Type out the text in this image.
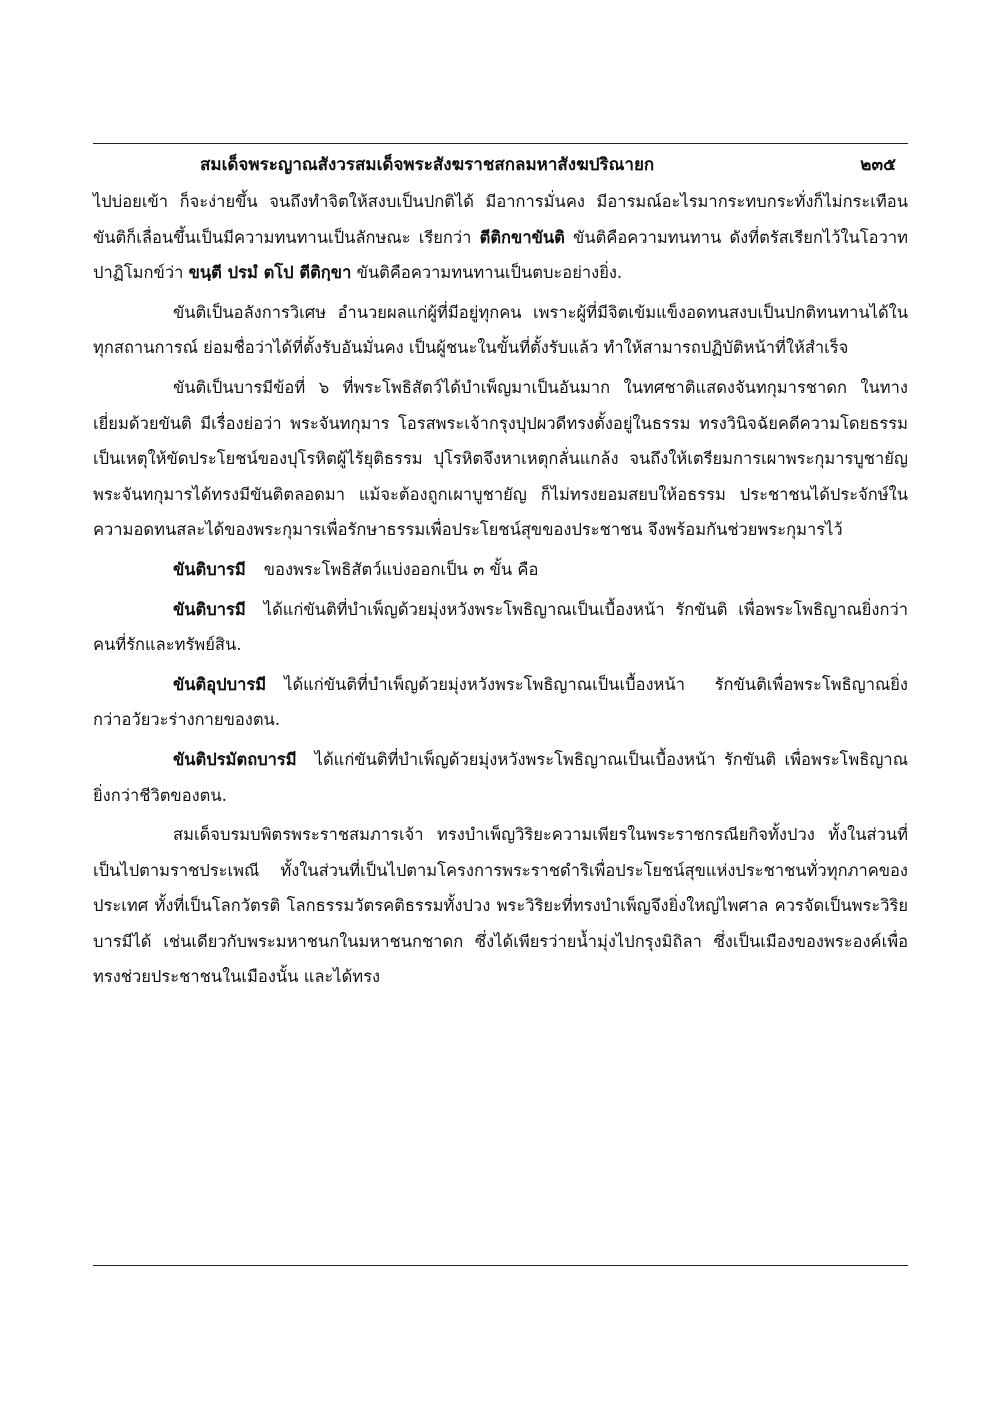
สมเด็จพระญาณสังวรสมเด็จพระสังฆราชสกลมหาสังฆปริณายก	๒๓๕

ไปบ่อยเข้า ก็จะง่ายขึ้น จนถึงทำจิตให้สงบเป็นปกติได้ มีอาการมั่นคง มีอารมณ์อะไรมากระทบกระทั่งก็ไม่กระเทือน ขันติก็เลื่อนขึ้นเป็นมีความทนทานเป็นลักษณะ เรียกว่า ตีติกขาขันติ ขันติคือความทนทาน ดังที่ตรัสเรียกไว้ในโอวาทปาฏิโมกข์ว่า ขนฺตี ปรมํ ตโป ตีติกฺขา ขันติคือความทนทานเป็นตบะอย่างยิ่ง.

ขันติเป็นอลังการวิเศษ อำนวยผลแก่ผู้ที่มีอยู่ทุกคน เพราะผู้ที่มีจิตเข้มแข็งอดทนสงบเป็นปกติทนทานได้ในทุกสถานการณ์ ย่อมชื่อว่าได้ที่ตั้งรับอันมั่นคง เป็นผู้ชนะในขั้นที่ตั้งรับแล้ว ทำให้สามารถปฏิบัติหน้าที่ให้สำเร็จ

ขันติเป็นบารมีข้อที่ ๖ ที่พระโพธิสัตว์ได้บำเพ็ญมาเป็นอันมาก ในทศชาติแสดงจันทกุมารชาดก ในทางเยี่ยมด้วยขันติ มีเรื่องย่อว่า พระจันทกุมาร โอรสพระเจ้ากรุงปุปผวดีทรงตั้งอยู่ในธรรม ทรงวินิจฉัยคดีความโดยธรรม เป็นเหตุให้ขัดประโยชน์ของปุโรหิตผู้ไร้ยุติธรรม ปุโรหิตจึงหาเหตุกลั่นแกล้ง จนถึงให้เตรียมการเผาพระกุมารบูชายัญ พระจันทกุมารได้ทรงมีขันติตลอดมา แม้จะต้องถูกเผาบูชายัญ ก็ไม่ทรงยอมสยบให้อธรรม ประชาชนได้ประจักษ์ในความอดทนสละได้ของพระกุมารเพื่อรักษาธรรมเพื่อประโยชน์สุขของประชาชน จึงพร้อมกันช่วยพระกุมารไว้

ขันติบารมี ของพระโพธิสัตว์แบ่งออกเป็น ๓ ขั้น คือ

ขันติบารมี ได้แก่ขันติที่บำเพ็ญด้วยมุ่งหวังพระโพธิญาณเป็นเบื้องหน้า รักขันติ เพื่อพระโพธิญาณยิ่งกว่าคนที่รักและทรัพย์สิน.

ขันติอุปบารมี ได้แก่ขันติที่บำเพ็ญด้วยมุ่งหวังพระโพธิญาณเป็นเบื้องหน้า รักขันติเพื่อพระโพธิญาณยิ่งกว่าอวัยวะร่างกายของตน.

ขันติปรมัตถบารมี ได้แก่ขันติที่บำเพ็ญด้วยมุ่งหวังพระโพธิญาณเป็นเบื้องหน้า รักขันติ เพื่อพระโพธิญาณยิ่งกว่าชีวิตของตน.

สมเด็จบรมบพิตรพระราชสมภารเจ้า ทรงบำเพ็ญวิริยะความเพียรในพระราชกรณียกิจทั้งปวง ทั้งในส่วนที่เป็นไปตามราชประเพณี ทั้งในส่วนที่เป็นไปตามโครงการพระราชดำริเพื่อประโยชน์สุขแห่งประชาชนทั่วทุกภาคของประเทศ ทั้งที่เป็นโลกวัตรติ โลกธรรมวัตรคติธรรมทั้งปวง พระวิริยะที่ทรงบำเพ็ญจึงยิ่งใหญ่ไพศาล ควรจัดเป็นพระวิริยบารมีได้ เช่นเดียวกับพระมหาชนกในมหาชนกชาดก ซึ่งได้เพียรว่ายน้ำมุ่งไปกรุงมิถิลา ซึ่งเป็นเมืองของพระองค์เพื่อทรงช่วยประชาชนในเมืองนั้น และได้ทรง
